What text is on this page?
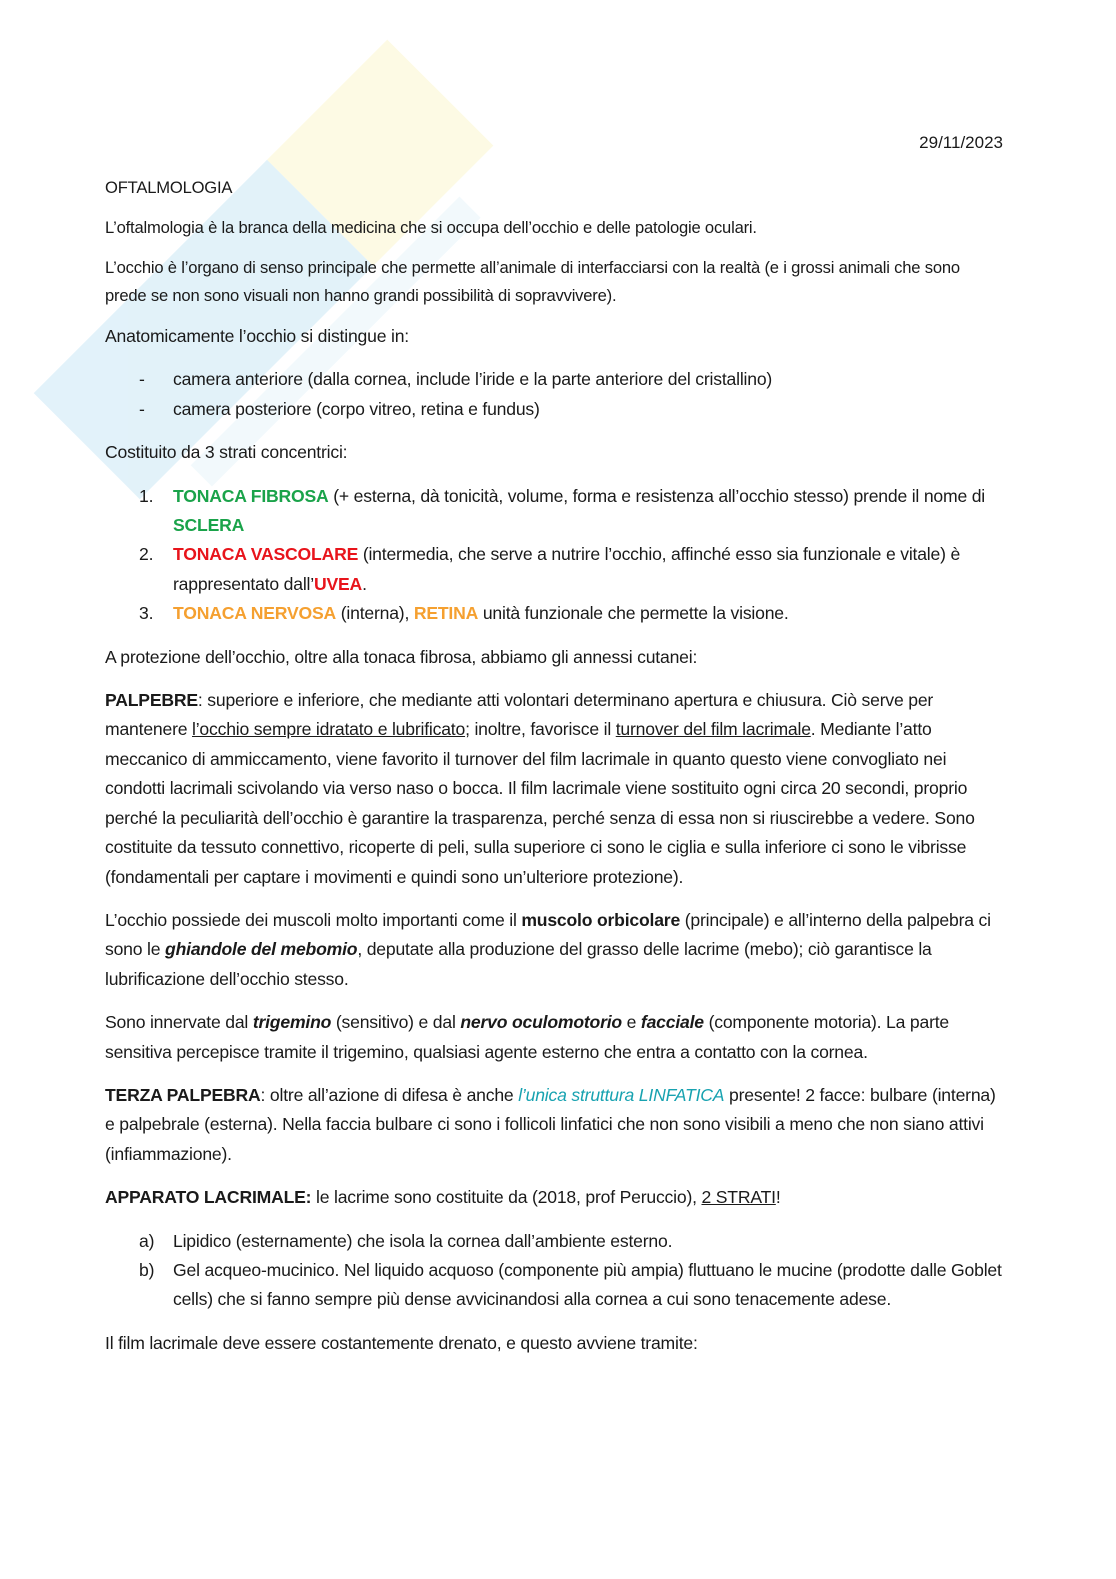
29/11/2023

OFTALMOLOGIA

L’oftalmologia è la branca della medicina che si occupa dell’occhio e delle patologie oculari.

L’occhio è l’organo di senso principale che permette all’animale di interfacciarsi con la realtà (e i grossi animali che sono prede se non sono visuali non hanno grandi possibilità di sopravvivere).

Anatomicamente l’occhio si distingue in:

- camera anteriore (dalla cornea, include l’iride e la parte anteriore del cristallino)
- camera posteriore (corpo vitreo, retina e fundus)

Costituito da 3 strati concentrici:

1. TONACA FIBROSA (+ esterna, dà tonicità, volume, forma e resistenza all’occhio stesso) prende il nome di SCLERA
2. TONACA VASCOLARE (intermedia, che serve a nutrire l’occhio, affinché esso sia funzionale e vitale) è rappresentato dall’UVEA.
3. TONACA NERVOSA (interna), RETINA unità funzionale che permette la visione.

A protezione dell’occhio, oltre alla tonaca fibrosa, abbiamo gli annessi cutanei:

PALPEBRE: superiore e inferiore, che mediante atti volontari determinano apertura e chiusura. Ciò serve per mantenere l’occhio sempre idratato e lubrificato; inoltre, favorisce il turnover del film lacrimale. Mediante l’atto meccanico di ammiccamento, viene favorito il turnover del film lacrimale in quanto questo viene convogliato nei condotti lacrimali scivolando via verso naso o bocca. Il film lacrimale viene sostituito ogni circa 20 secondi, proprio perché la peculiarità dell’occhio è garantire la trasparenza, perché senza di essa non si riuscirebbe a vedere. Sono costituite da tessuto connettivo, ricoperte di peli, sulla superiore ci sono le ciglia e sulla inferiore ci sono le vibrisse (fondamentali per captare i movimenti e quindi sono un’ulteriore protezione).

L’occhio possiede dei muscoli molto importanti come il muscolo orbicolare (principale) e all’interno della palpebra ci sono le ghiandole del mebomio, deputate alla produzione del grasso delle lacrime (mebo); ciò garantisce la lubrificazione dell’occhio stesso.

Sono innervate dal trigemino (sensitivo) e dal nervo oculomotorio e facciale (componente motoria). La parte sensitiva percepisce tramite il trigemino, qualsiasi agente esterno che entra a contatto con la cornea.

TERZA PALPEBRA: oltre all’azione di difesa è anche l’unica struttura LINFATICA presente! 2 facce: bulbare (interna) e palpebrale (esterna). Nella faccia bulbare ci sono i follicoli linfatici che non sono visibili a meno che non siano attivi (infiammazione).

APPARATO LACRIMALE: le lacrime sono costituite da (2018, prof Peruccio), 2 STRATI!

a) Lipidico (esternamente) che isola la cornea dall’ambiente esterno.
b) Gel acqueo-mucinico. Nel liquido acquoso (componente più ampia) fluttuano le mucine (prodotte dalle Goblet cells) che si fanno sempre più dense avvicinandosi alla cornea a cui sono tenacemente adese.

Il film lacrimale deve essere costantemente drenato, e questo avviene tramite:
